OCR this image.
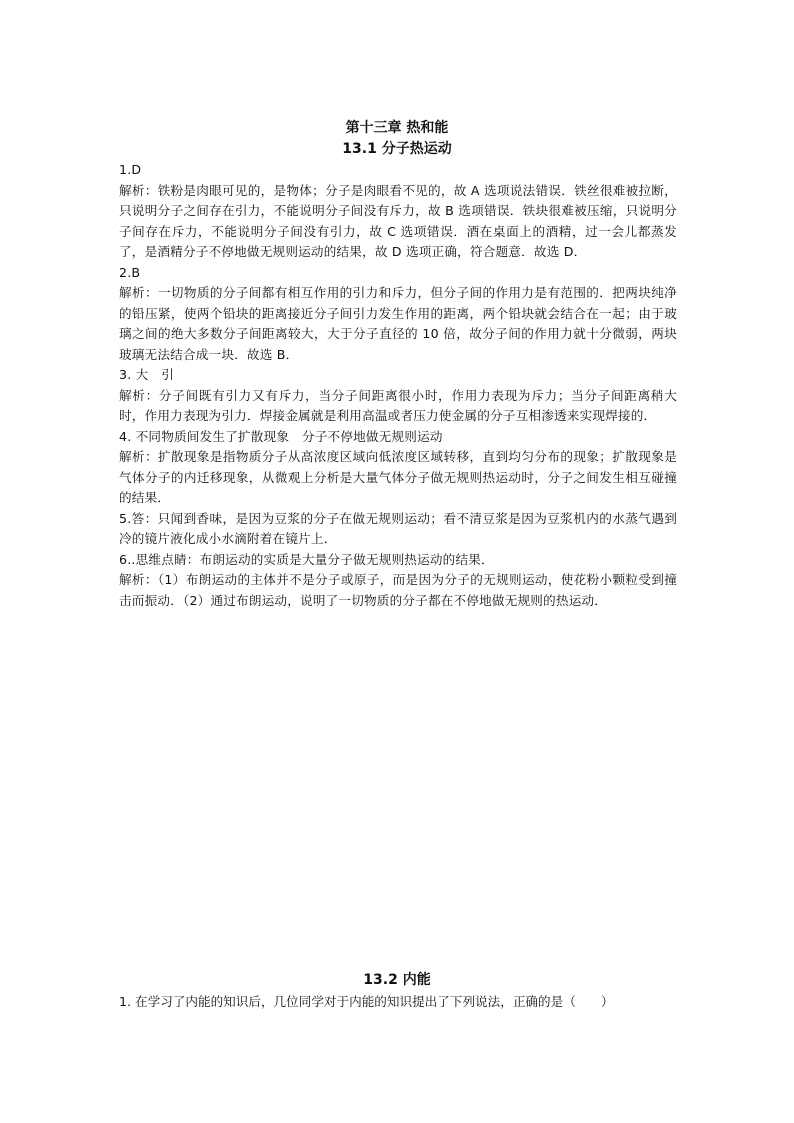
第十三章 热和能
13.1 分子热运动

1.D

解析：铁粉是肉眼可见的，是物体；分子是肉眼看不见的，故 A 选项说法错误．铁丝很难被拉断，只说明分子之间存在引力，不能说明分子间没有斥力，故 B 选项错误．铁块很难被压缩，只说明分子间存在斥力，不能说明分子间没有引力，故 C 选项错误．酒在桌面上的酒精，过一会儿都蒸发了，是酒精分子不停地做无规则运动的结果，故 D 选项正确，符合题意．故选 D．

2.B

解析：一切物质的分子间都有相互作用的引力和斥力，但分子间的作用力是有范围的．把两块纯净的铅压紧，使两个铅块的距离接近分子间引力发生作用的距离，两个铅块就会结合在一起；由于玻璃之间的绝大多数分子间距离较大，大于分子直径的 10 倍，故分子间的作用力就十分微弱，两块玻璃无法结合成一块．故选 B．

3. 大　引

解析：分子间既有引力又有斥力，当分子间距离很小时，作用力表现为斥力；当分子间距离稍大时，作用力表现为引力．焊接金属就是利用高温或者压力使金属的分子互相渗透来实现焊接的．

4. 不同物质间发生了扩散现象　分子不停地做无规则运动

解析：扩散现象是指物质分子从高浓度区域向低浓度区域转移，直到均匀分布的现象；扩散现象是气体分子的内迁移现象，从微观上分析是大量气体分子做无规则热运动时，分子之间发生相互碰撞的结果．

5.答：只闻到香味，是因为豆浆的分子在做无规则运动；看不清豆浆是因为豆浆机内的水蒸气遇到冷的镜片液化成小水滴附着在镜片上．

6..思维点睛：布朗运动的实质是大量分子做无规则热运动的结果．

解析：（1）布朗运动的主体并不是分子或原子，而是因为分子的无规则运动，使花粉小颗粒受到撞击而振动．（2）通过布朗运动，说明了一切物质的分子都在不停地做无规则的热运动．

13.2 内能
1. 在学习了内能的知识后，几位同学对于内能的知识提出了下列说法，正确的是（　　）
